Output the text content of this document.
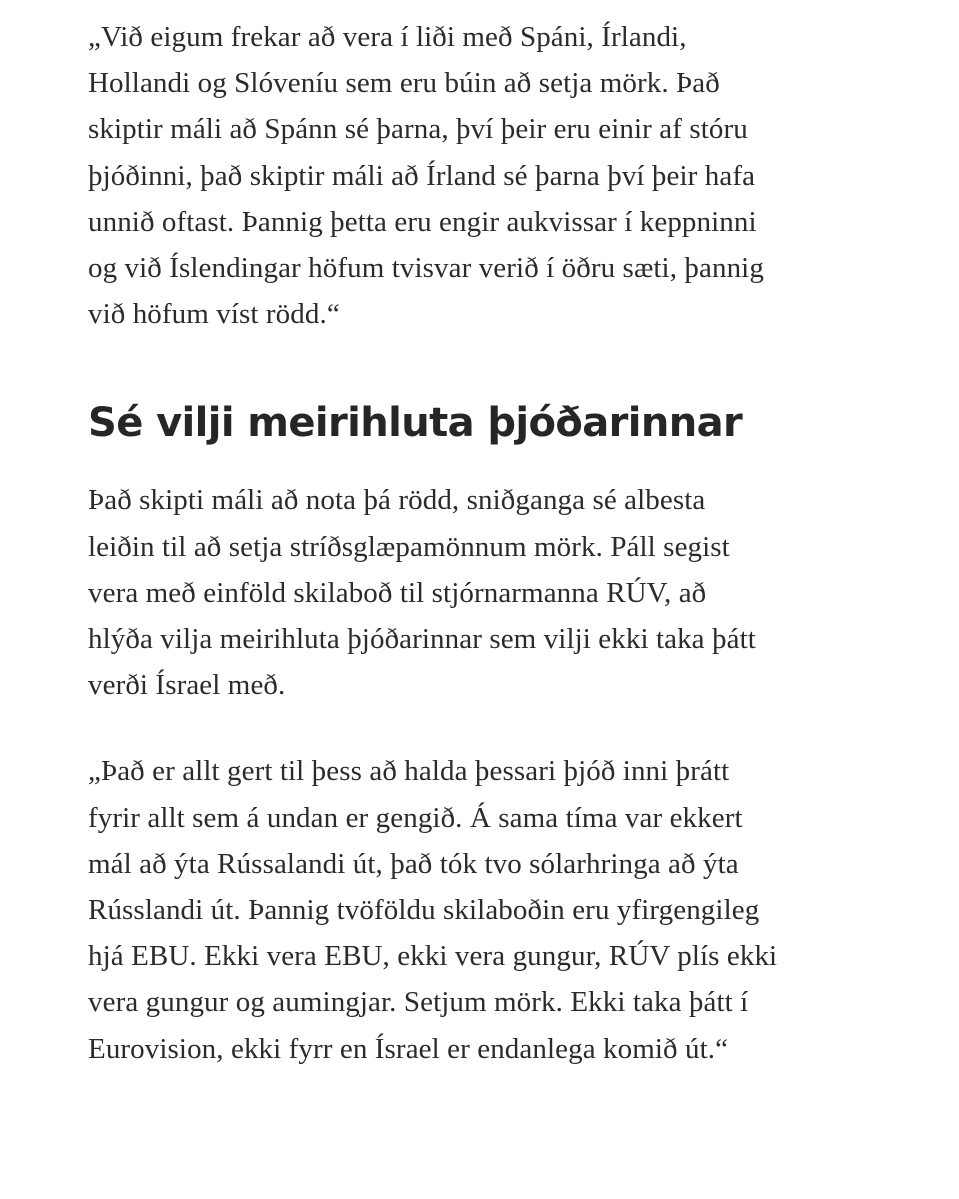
„Við eigum frekar að vera í liði með Spáni, Írlandi,
Hollandi og Slóveníu sem eru búin að setja mörk. Það
skiptir máli að Spánn sé þarna, því þeir eru einir af stóru
þjóðinni, það skiptir máli að Írland sé þarna því þeir hafa
unnið oftast. Þannig þetta eru engir aukvissar í keppninni
og við Íslendingar höfum tvisvar verið í öðru sæti, þannig
við höfum víst rödd.“

Sé vilji meirihluta þjóðarinnar

Það skipti máli að nota þá rödd, sniðganga sé albesta
leiðin til að setja stríðsglæpamönnum mörk. Páll segist
vera með einföld skilaboð til stjórnarmanna RÚV, að
hlýða vilja meirihluta þjóðarinnar sem vilji ekki taka þátt
verði Ísrael með.

„Það er allt gert til þess að halda þessari þjóð inni þrátt
fyrir allt sem á undan er gengið. Á sama tíma var ekkert
mál að ýta Rússalandi út, það tók tvo sólarhringa að ýta
Rússlandi út. Þannig tvöföldu skilaboðin eru yfirgengileg
hjá EBU. Ekki vera EBU, ekki vera gungur, RÚV plís ekki
vera gungur og aumingjar. Setjum mörk. Ekki taka þátt í
Eurovision, ekki fyrr en Ísrael er endanlega komið út.“
